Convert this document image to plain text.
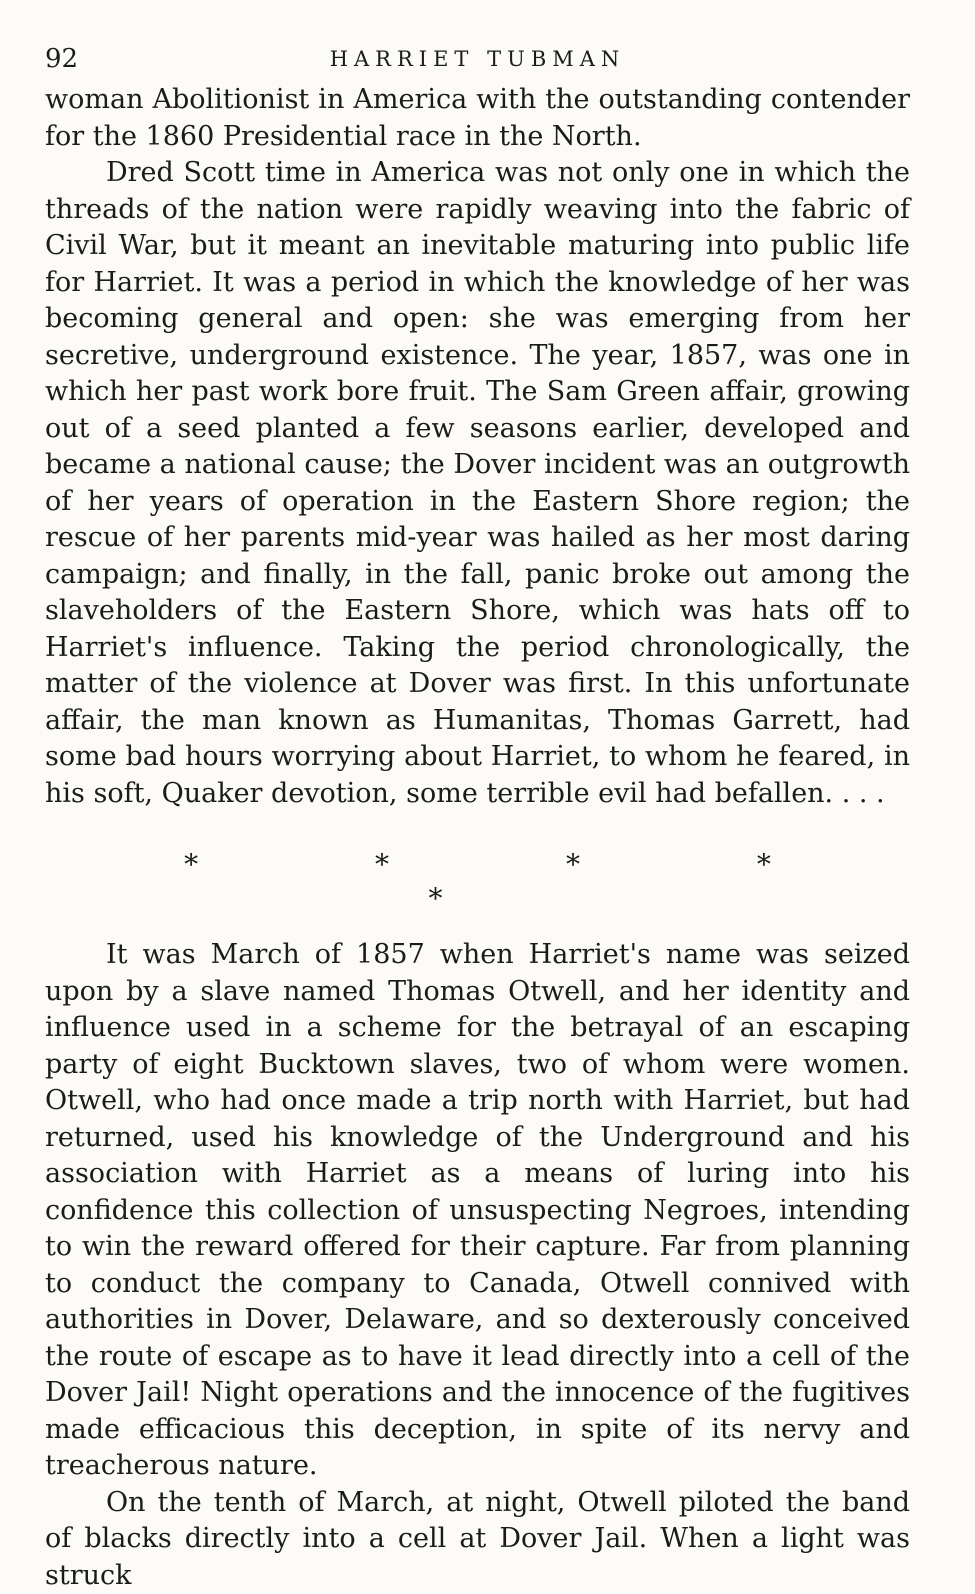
92	HARRIET TUBMAN

woman Abolitionist in America with the outstanding contender for the 1860 Presidential race in the North.

Dred Scott time in America was not only one in which the threads of the nation were rapidly weaving into the fabric of Civil War, but it meant an inevitable maturing into public life for Harriet. It was a period in which the knowledge of her was becoming general and open: she was emerging from her secretive, underground existence. The year, 1857, was one in which her past work bore fruit. The Sam Green affair, growing out of a seed planted a few seasons earlier, developed and became a national cause; the Dover incident was an outgrowth of her years of operation in the Eastern Shore region; the rescue of her parents mid-year was hailed as her most daring campaign; and finally, in the fall, panic broke out among the slaveholders of the Eastern Shore, which was hats off to Harriet's influence. Taking the period chronologically, the matter of the violence at Dover was first. In this unfortunate affair, the man known as Humanitas, Thomas Garrett, had some bad hours worrying about Harriet, to whom he feared, in his soft, Quaker devotion, some terrible evil had befallen. . . .

* * * * *

It was March of 1857 when Harriet's name was seized upon by a slave named Thomas Otwell, and her identity and influence used in a scheme for the betrayal of an escaping party of eight Bucktown slaves, two of whom were women. Otwell, who had once made a trip north with Harriet, but had returned, used his knowledge of the Underground and his association with Harriet as a means of luring into his confidence this collection of unsuspecting Negroes, intending to win the reward offered for their capture. Far from planning to conduct the company to Canada, Otwell connived with authorities in Dover, Delaware, and so dexterously conceived the route of escape as to have it lead directly into a cell of the Dover Jail! Night operations and the innocence of the fugitives made efficacious this deception, in spite of its nervy and treacherous nature.

On the tenth of March, at night, Otwell piloted the band of blacks directly into a cell at Dover Jail. When a light was struck
